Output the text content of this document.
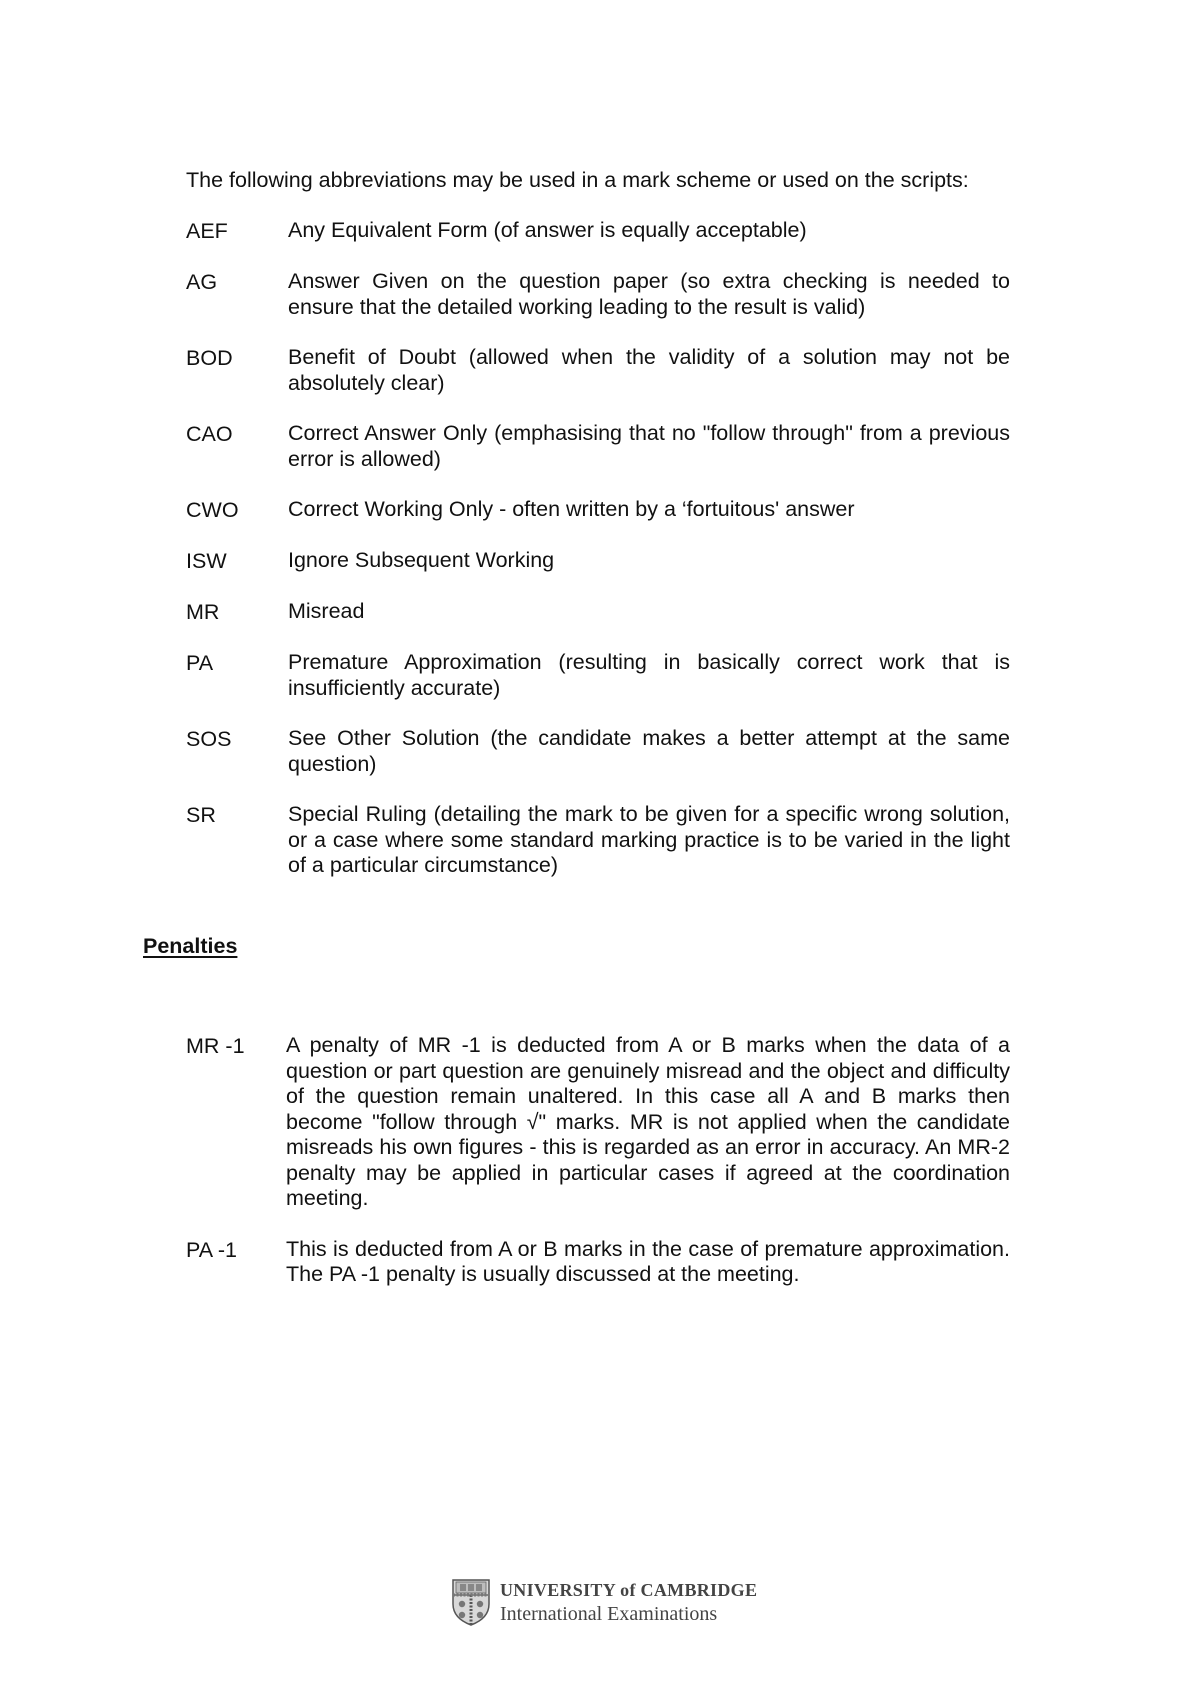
The following abbreviations may be used in a mark scheme or used on the scripts:
AEF	Any Equivalent Form (of answer is equally acceptable)
AG	Answer Given on the question paper (so extra checking is needed to ensure that the detailed working leading to the result is valid)
BOD	Benefit of Doubt (allowed when the validity of a solution may not be absolutely clear)
CAO	Correct Answer Only (emphasising that no "follow through" from a previous error is allowed)
CWO	Correct Working Only - often written by a ‘fortuitous' answer
ISW	Ignore Subsequent Working
MR	Misread
PA	Premature Approximation (resulting in basically correct work that is insufficiently accurate)
SOS	See Other Solution (the candidate makes a better attempt at the same question)
SR	Special Ruling (detailing the mark to be given for a specific wrong solution, or a case where some standard marking practice is to be varied in the light of a particular circumstance)
Penalties
MR -1	A penalty of MR -1 is deducted from A or B marks when the data of a question or part question are genuinely misread and the object and difficulty of the question remain unaltered. In this case all A and B marks then become "follow through √" marks. MR is not applied when the candidate misreads his own figures - this is regarded as an error in accuracy. An MR-2 penalty may be applied in particular cases if agreed at the coordination meeting.
PA -1	This is deducted from A or B marks in the case of premature approximation. The PA -1 penalty is usually discussed at the meeting.
UNIVERSITY of CAMBRIDGE
International Examinations
